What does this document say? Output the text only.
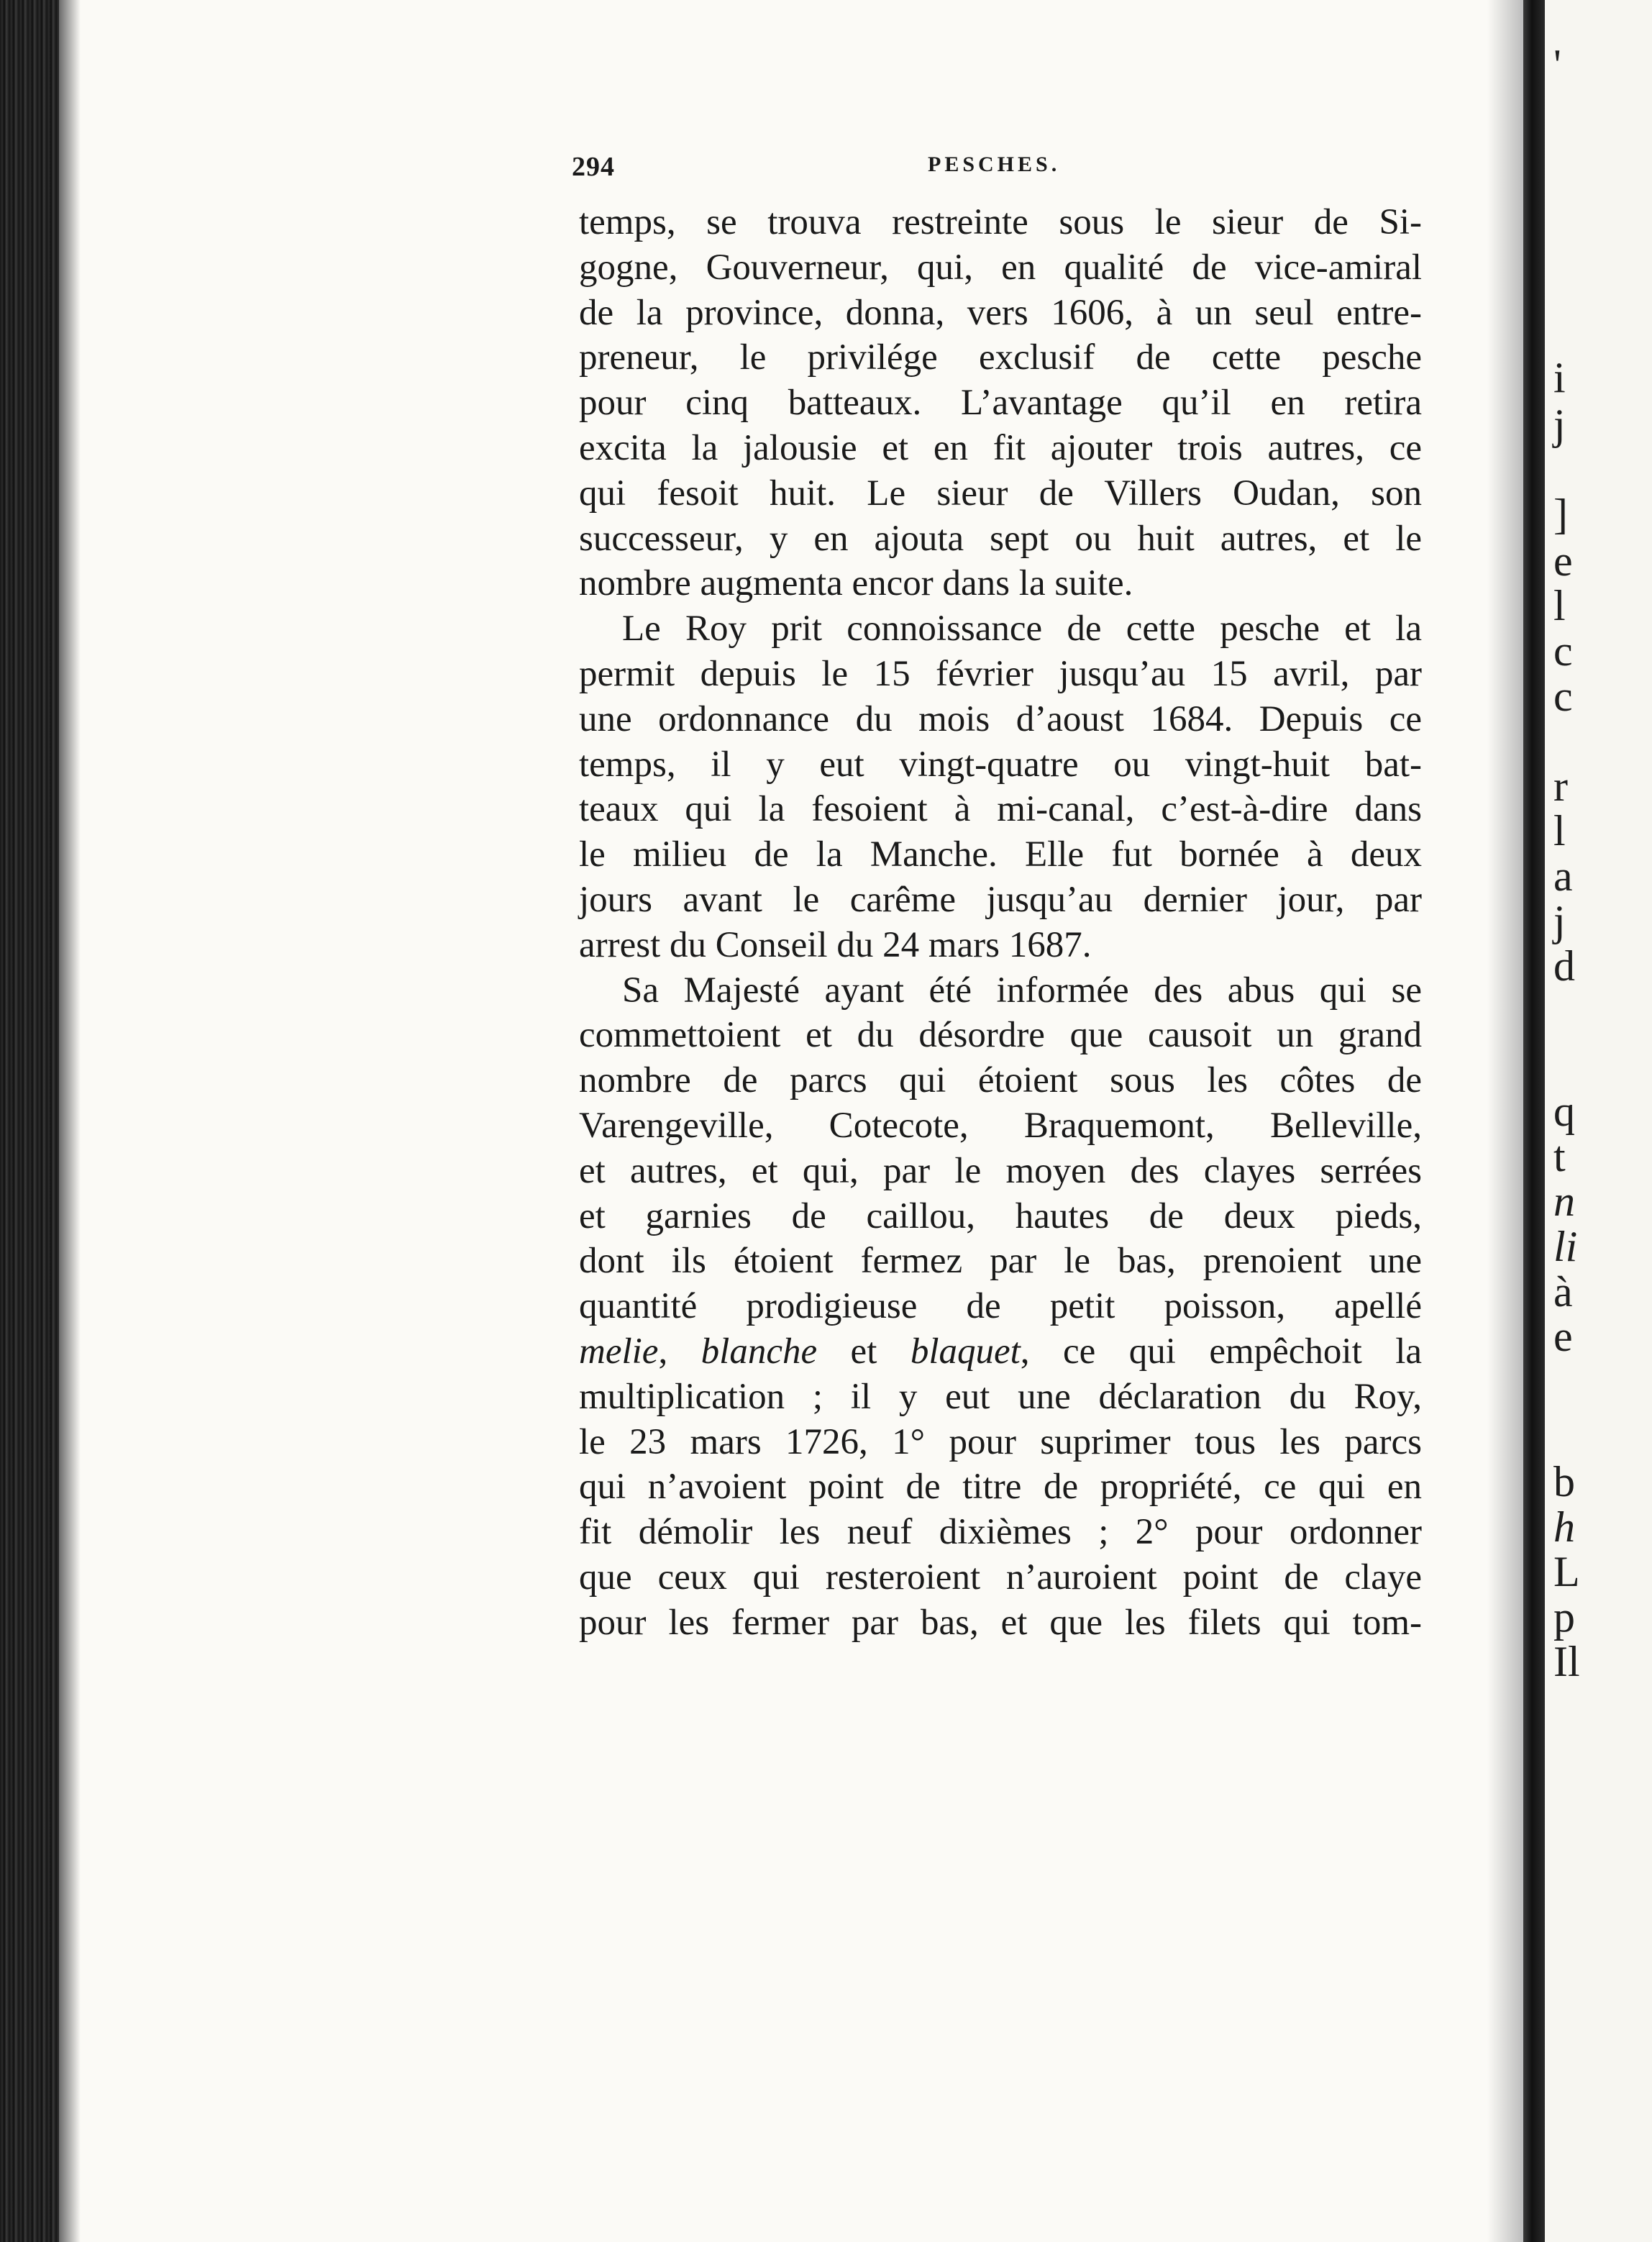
'
i
j
]
e
l
c
c
r
l
a
j
d
q
t
n
li
à
e
b
h
L
p
Il
294	PESCHES.
temps, se trouva restreinte sous le sieur de Si-
gogne, Gouverneur, qui, en qualité de vice-amiral
de la province, donna, vers 1606, à un seul entre-
preneur, le privilége exclusif de cette pesche
pour cinq batteaux. L’avantage qu’il en retira
excita la jalousie et en fit ajouter trois autres, ce
qui fesoit huit. Le sieur de Villers Oudan, son
successeur, y en ajouta sept ou huit autres, et le
nombre augmenta encor dans la suite.
Le Roy prit connoissance de cette pesche et la
permit depuis le 15 février jusqu’au 15 avril, par
une ordonnance du mois d’aoust 1684. Depuis ce
temps, il y eut vingt-quatre ou vingt-huit bat-
teaux qui la fesoient à mi-canal, c’est-à-dire dans
le milieu de la Manche. Elle fut bornée à deux
jours avant le carême jusqu’au dernier jour, par
arrest du Conseil du 24 mars 1687.
Sa Majesté ayant été informée des abus qui se
commettoient et du désordre que causoit un grand
nombre de parcs qui étoient sous les côtes de
Varengeville, Cotecote, Braquemont, Belleville,
et autres, et qui, par le moyen des clayes serrées
et garnies de caillou, hautes de deux pieds,
dont ils étoient fermez par le bas, prenoient une
quantité prodigieuse de petit poisson, apellé
melie, blanche et blaquet, ce qui empêchoit la
multiplication ; il y eut une déclaration du Roy,
le 23 mars 1726, 1° pour suprimer tous les parcs
qui n’avoient point de titre de propriété, ce qui en
fit démolir les neuf dixièmes ; 2° pour ordonner
que ceux qui resteroient n’auroient point de claye
pour les fermer par bas, et que les filets qui tom-
